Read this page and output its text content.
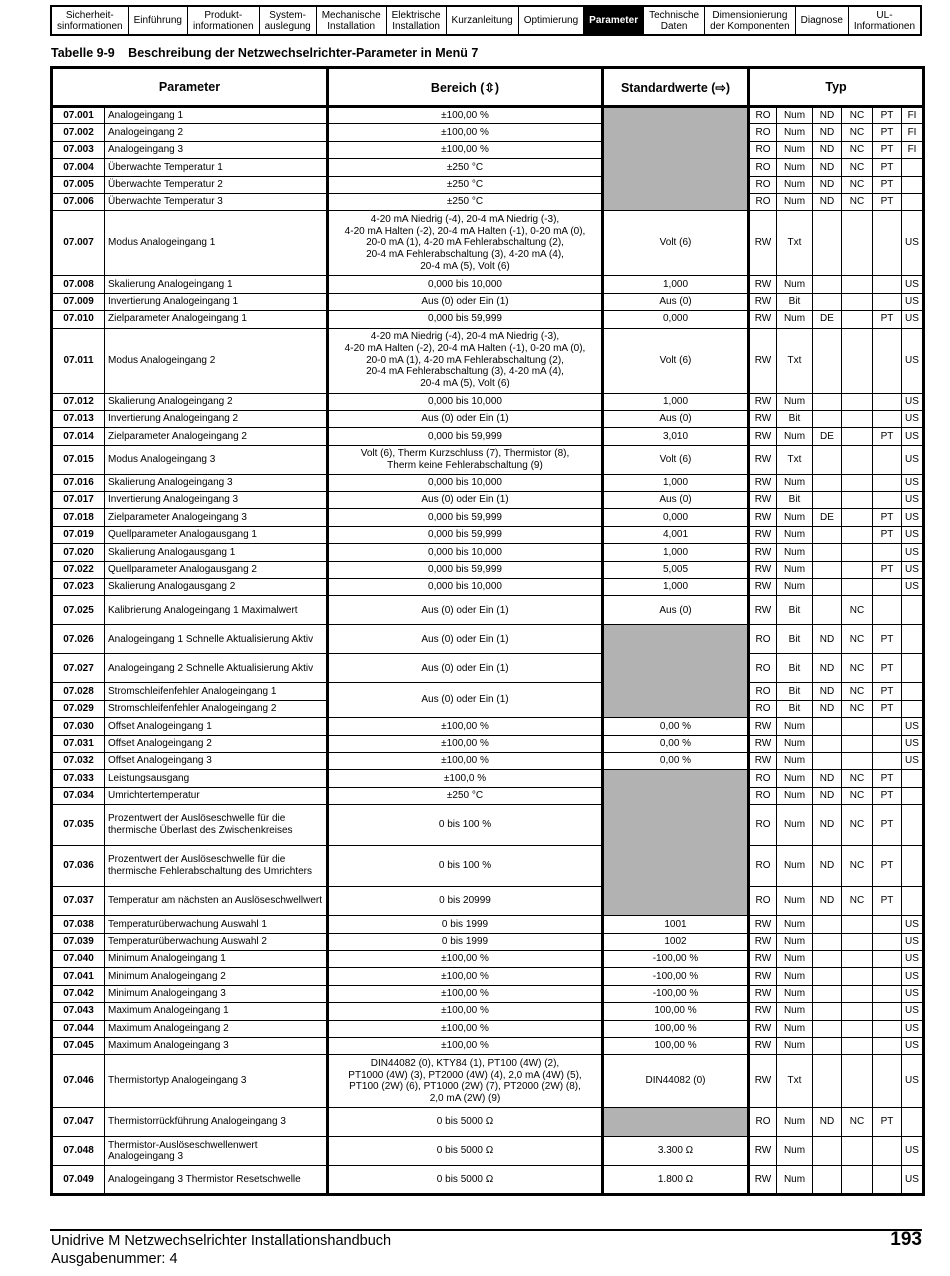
Sicherheit-
sinformationen	Einführung	Produkt-
informationen
System-
auslegung
Mechanische
Installation
Elektrische
Installation	Kurzanleitung	Optimierung	Parameter	Technische
Daten
Dimensionierung
der Komponenten	Diagnose	UL-
Informationen
Tabelle 9-9 Beschreibung der Netzwechselrichter-Parameter in Menü 7
Parameter		Bereich (⇳)	Standardwerte (⇨)	Typ					
07.001	Analogeingang 1	±100,00 %		RO	Num	ND	NC	PT	FI
07.002	Analogeingang 2	±100,00 %		RO	Num	ND	NC	PT	FI
07.003	Analogeingang 3	±100,00 %		RO	Num	ND	NC	PT	FI
07.004	Überwachte Temperatur 1	±250 °C		RO	Num	ND	NC	PT	
07.005	Überwachte Temperatur 2	±250 °C		RO	Num	ND	NC	PT	
07.006	Überwachte Temperatur 3	±250 °C		RO	Num	ND	NC	PT	
07.007	Modus Analogeingang 1	4-20 mA Niedrig (-4), 20-4 mA Niedrig (-3),
4-20 mA Halten (-2), 20-4 mA Halten (-1), 0-20 mA (0),
20-0 mA (1), 4-20 mA Fehlerabschaltung (2),
20-4 mA Fehlerabschaltung (3), 4-20 mA (4),
20-4 mA (5), Volt (6)	Volt (6)	RW	Txt				US
07.008	Skalierung Analogeingang 1	0,000 bis 10,000	1,000	RW	Num				US
07.009	Invertierung Analogeingang 1	Aus (0) oder Ein (1)	Aus (0)	RW	Bit				US
07.010	Zielparameter Analogeingang 1	0,000 bis 59,999	0,000	RW	Num	DE		PT	US
07.011	Modus Analogeingang 2	4-20 mA Niedrig (-4), 20-4 mA Niedrig (-3),
4-20 mA Halten (-2), 20-4 mA Halten (-1), 0-20 mA (0),
20-0 mA (1), 4-20 mA Fehlerabschaltung (2),
20-4 mA Fehlerabschaltung (3), 4-20 mA (4),
20-4 mA (5), Volt (6)	Volt (6)	RW	Txt				US
07.012	Skalierung Analogeingang 2	0,000 bis 10,000	1,000	RW	Num				US
07.013	Invertierung Analogeingang 2	Aus (0) oder Ein (1)	Aus (0)	RW	Bit				US
07.014	Zielparameter Analogeingang 2	0,000 bis 59,999	3,010	RW	Num	DE		PT	US
07.015	Modus Analogeingang 3	Volt (6), Therm Kurzschluss (7), Thermistor (8),
Therm keine Fehlerabschaltung (9)	Volt (6)	RW	Txt				US
07.016	Skalierung Analogeingang 3	0,000 bis 10,000	1,000	RW	Num				US
07.017	Invertierung Analogeingang 3	Aus (0) oder Ein (1)	Aus (0)	RW	Bit				US
07.018	Zielparameter Analogeingang 3	0,000 bis 59,999	0,000	RW	Num	DE		PT	US
07.019	Quellparameter Analogausgang 1	0,000 bis 59,999	4,001	RW	Num			PT	US
07.020	Skalierung Analogausgang 1	0,000 bis 10,000	1,000	RW	Num				US
07.022	Quellparameter Analogausgang 2	0,000 bis 59,999	5,005	RW	Num			PT	US
07.023	Skalierung Analogausgang 2	0,000 bis 10,000	1,000	RW	Num				US
07.025	Kalibrierung Analogeingang 1 Maximalwert	Aus (0) oder Ein (1)	Aus (0)	RW	Bit		NC		
07.026	Analogeingang 1 Schnelle Aktualisierung Aktiv	Aus (0) oder Ein (1)		RO	Bit	ND	NC	PT	
07.027	Analogeingang 2 Schnelle Aktualisierung Aktiv	Aus (0) oder Ein (1)		RO	Bit	ND	NC	PT	
07.028	Stromschleifenfehler Analogeingang 1	Aus (0) oder Ein (1)		RO	Bit	ND	NC	PT	
07.029	Stromschleifenfehler Analogeingang 2			RO	Bit	ND	NC	PT	
07.030	Offset Analogeingang 1	±100,00 %	0,00 %	RW	Num				US
07.031	Offset Analogeingang 2	±100,00 %	0,00 %	RW	Num				US
07.032	Offset Analogeingang 3	±100,00 %	0,00 %	RW	Num				US
07.033	Leistungsausgang	±100,0 %		RO	Num	ND	NC	PT	
07.034	Umrichtertemperatur	±250 °C		RO	Num	ND	NC	PT	
07.035	Prozentwert der Auslöseschwelle für die thermische Überlast des Zwischenkreises	0 bis 100 %		RO	Num	ND	NC	PT	
07.036	Prozentwert der Auslöseschwelle für die thermische Fehlerabschaltung des Umrichters	0 bis 100 %		RO	Num	ND	NC	PT	
07.037	Temperatur am nächsten an Auslöseschwellwert	0 bis 20999		RO	Num	ND	NC	PT	
07.038	Temperaturüberwachung Auswahl 1	0 bis 1999	1001	RW	Num				US
07.039	Temperaturüberwachung Auswahl 2	0 bis 1999	1002	RW	Num				US
07.040	Minimum Analogeingang 1	±100,00 %	-100,00 %	RW	Num				US
07.041	Minimum Analogeingang 2	±100,00 %	-100,00 %	RW	Num				US
07.042	Minimum Analogeingang 3	±100,00 %	-100,00 %	RW	Num				US
07.043	Maximum Analogeingang 1	±100,00 %	100,00 %	RW	Num				US
07.044	Maximum Analogeingang 2	±100,00 %	100,00 %	RW	Num				US
07.045	Maximum Analogeingang 3	±100,00 %	100,00 %	RW	Num				US
07.046	Thermistortyp Analogeingang 3	DIN44082 (0), KTY84 (1), PT100 (4W) (2),
PT1000 (4W) (3), PT2000 (4W) (4), 2,0 mA (4W) (5),
PT100 (2W) (6), PT1000 (2W) (7), PT2000 (2W) (8),
2,0 mA (2W) (9)	DIN44082 (0)	RW	Txt				US
07.047	Thermistorrückführung Analogeingang 3	0 bis 5000 Ω		RO	Num	ND	NC	PT	
07.048	Thermistor-Auslöseschwellenwert Analogeingang 3	0 bis 5000 Ω	3.300 Ω	RW	Num				US
07.049	Analogeingang 3 Thermistor Resetschwelle	0 bis 5000 Ω	1.800 Ω	RW	Num				US
Unidrive M Netzwechselrichter Installationshandbuch
Ausgabenummer: 4
193
